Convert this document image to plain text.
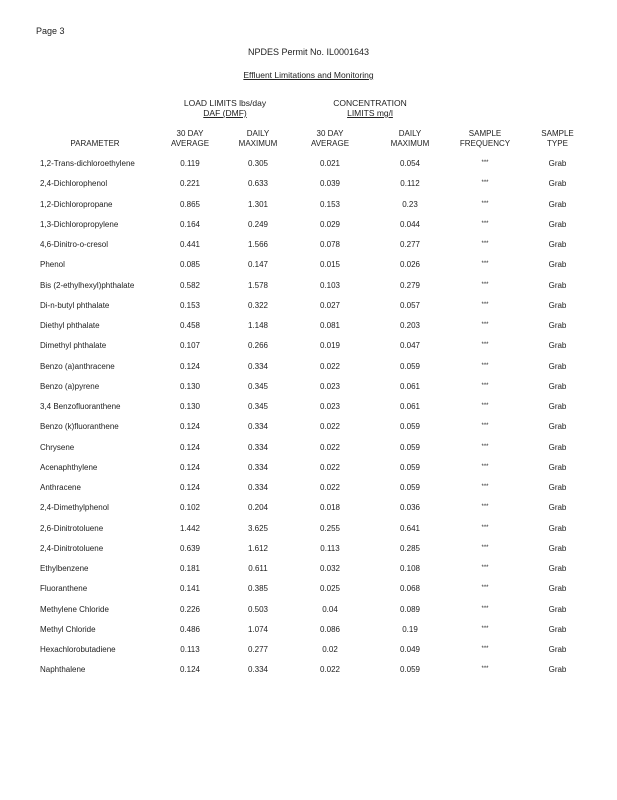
Page 3
NPDES Permit No. IL0001643
Effluent Limitations and Monitoring
LOAD LIMITS lbs/day
DAF (DMF)
CONCENTRATION
LIMITS mg/l
PARAMETER
30 DAY
AVERAGE
DAILY
MAXIMUM
30 DAY
AVERAGE
DAILY
MAXIMUM
SAMPLE
FREQUENCY
SAMPLE
TYPE
1,2-Trans-dichloroethylene	0.119	0.305	0.021	0.054	***	Grab
2,4-Dichlorophenol	0.221	0.633	0.039	0.112	***	Grab
1,2-Dichloropropane	0.865	1.301	0.153	0.23	***	Grab
1,3-Dichloropropylene	0.164	0.249	0.029	0.044	***	Grab
4,6-Dinitro-o-cresol	0.441	1.566	0.078	0.277	***	Grab
Phenol	0.085	0.147	0.015	0.026	***	Grab
Bis (2-ethylhexyl)phthalate	0.582	1.578	0.103	0.279	***	Grab
Di-n-butyl phthalate	0.153	0.322	0.027	0.057	***	Grab
Diethyl phthalate	0.458	1.148	0.081	0.203	***	Grab
Dimethyl phthalate	0.107	0.266	0.019	0.047	***	Grab
Benzo (a)anthracene	0.124	0.334	0.022	0.059	***	Grab
Benzo (a)pyrene	0.130	0.345	0.023	0.061	***	Grab
3,4 Benzofluoranthene	0.130	0.345	0.023	0.061	***	Grab
Benzo (k)fluoranthene	0.124	0.334	0.022	0.059	***	Grab
Chrysene	0.124	0.334	0.022	0.059	***	Grab
Acenaphthylene	0.124	0.334	0.022	0.059	***	Grab
Anthracene	0.124	0.334	0.022	0.059	***	Grab
2,4-Dimethylphenol	0.102	0.204	0.018	0.036	***	Grab
2,6-Dinitrotoluene	1.442	3.625	0.255	0.641	***	Grab
2,4-Dinitrotoluene	0.639	1.612	0.113	0.285	***	Grab
Ethylbenzene	0.181	0.611	0.032	0.108	***	Grab
Fluoranthene	0.141	0.385	0.025	0.068	***	Grab
Methylene Chloride	0.226	0.503	0.04	0.089	***	Grab
Methyl Chloride	0.486	1.074	0.086	0.19	***	Grab
Hexachlorobutadiene	0.113	0.277	0.02	0.049	***	Grab
Naphthalene	0.124	0.334	0.022	0.059	***	Grab
